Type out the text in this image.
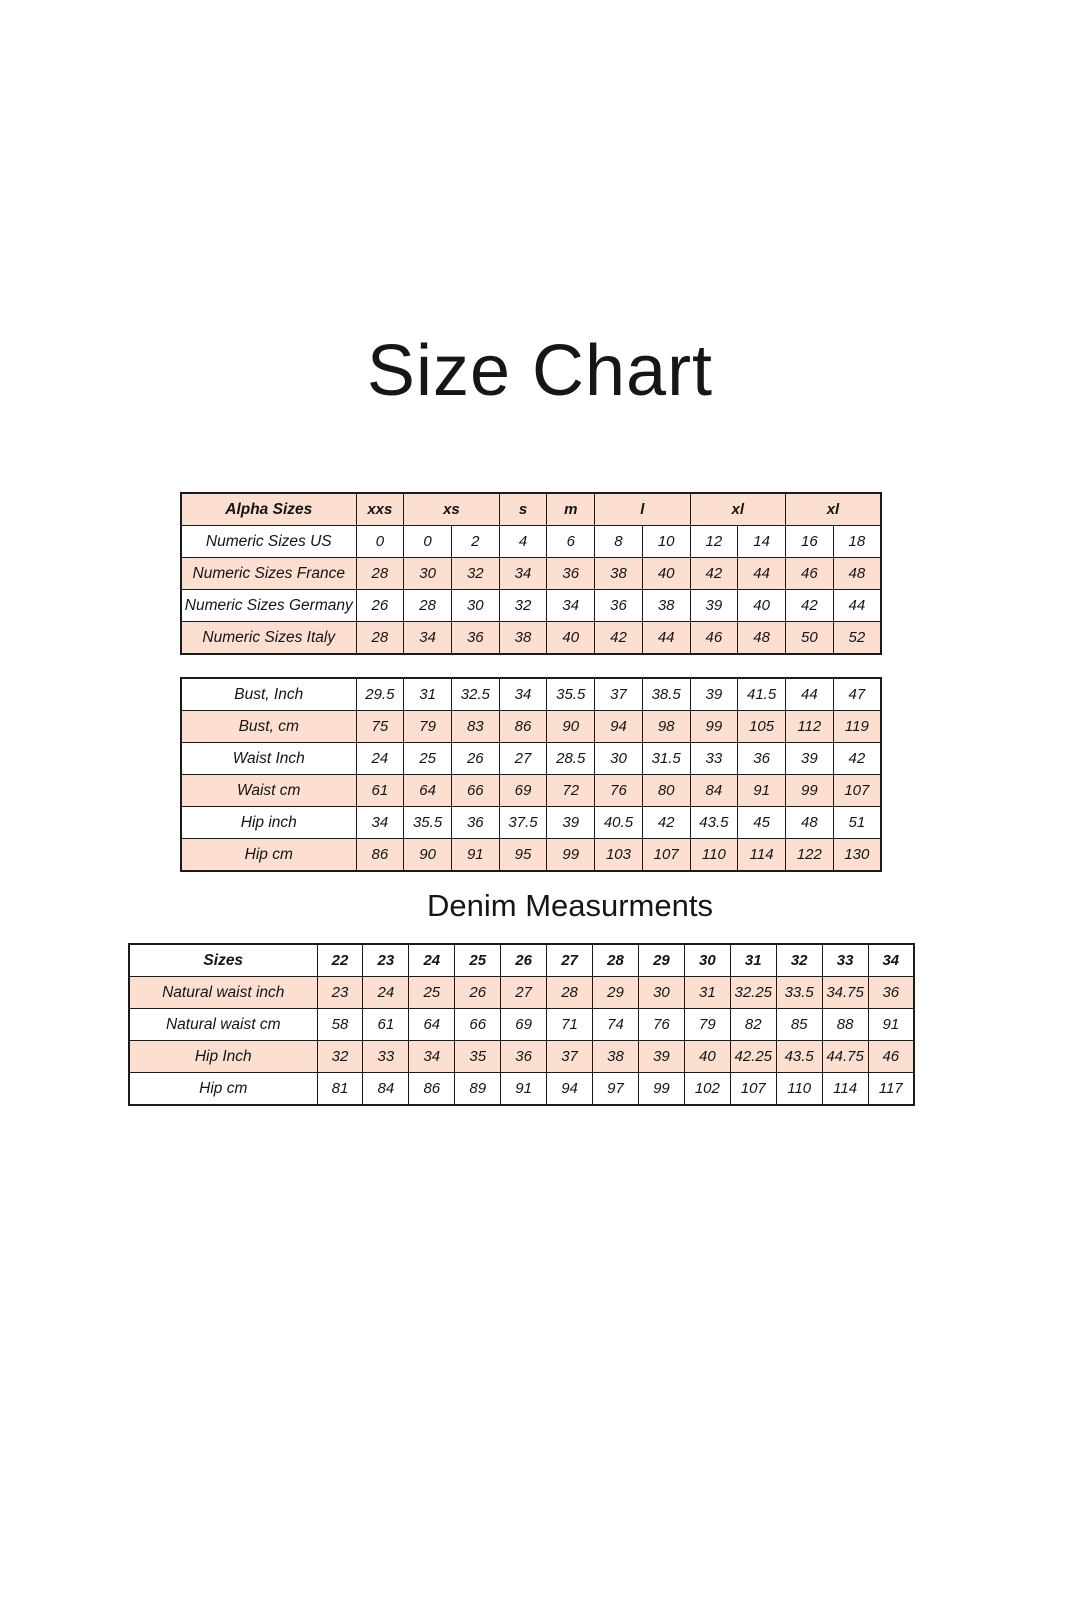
Size Chart
Alpha Sizes	xxs	xs		s	m	l		xl		xl	
Numeric Sizes US	0	0	2	4	6	8	10	12	14	16	18
Numeric Sizes France	28	30	32	34	36	38	40	42	44	46	48
Numeric Sizes Germany	26	28	30	32	34	36	38	39	40	42	44
Numeric Sizes Italy	28	34	36	38	40	42	44	46	48	50	52
Bust, Inch	29.5	31	32.5	34	35.5	37	38.5	39	41.5	44	47
Bust, cm	75	79	83	86	90	94	98	99	105	112	119
Waist Inch	24	25	26	27	28.5	30	31.5	33	36	39	42
Waist cm	61	64	66	69	72	76	80	84	91	99	107
Hip inch	34	35.5	36	37.5	39	40.5	42	43.5	45	48	51
Hip cm	86	90	91	95	99	103	107	110	114	122	130
Denim Measurments
Sizes	22	23	24	25	26	27	28	29	30	31	32	33	34
Natural waist inch	23	24	25	26	27	28	29	30	31	32.25	33.5	34.75	36
Natural waist cm	58	61	64	66	69	71	74	76	79	82	85	88	91
Hip Inch	32	33	34	35	36	37	38	39	40	42.25	43.5	44.75	46
Hip cm	81	84	86	89	91	94	97	99	102	107	110	114	117
